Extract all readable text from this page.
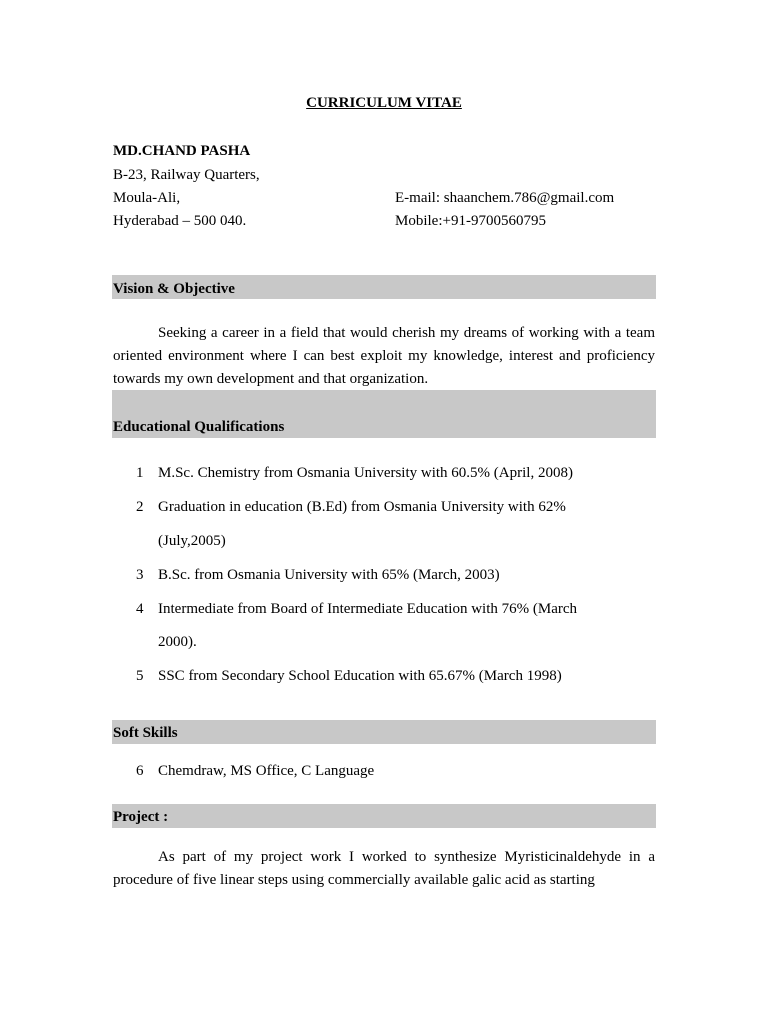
CURRICULUM VITAE
MD.CHAND PASHA
B-23, Railway Quarters,
Moula-Ali,
Hyderabad – 500 040.
E-mail: shaanchem.786@gmail.com
Mobile:+91-9700560795
Vision & Objective
Seeking a career in a field that would cherish my dreams of working with a team oriented environment where I can best exploit my knowledge, interest and proficiency towards my own development and that organization.
Educational Qualifications
1 M.Sc. Chemistry from Osmania University with 60.5% (April, 2008)
2 Graduation in education (B.Ed) from Osmania University with 62%
(July,2005)
3 B.Sc. from Osmania University with 65% (March, 2003)
4 Intermediate from Board of Intermediate Education with 76% (March
2000).
5 SSC from Secondary School Education with 65.67% (March 1998)
Soft Skills
6 Chemdraw, MS Office, C Language
Project :
As part of my project work I worked to synthesize Myristicinaldehyde in a procedure of five linear steps using commercially available galic acid as starting
